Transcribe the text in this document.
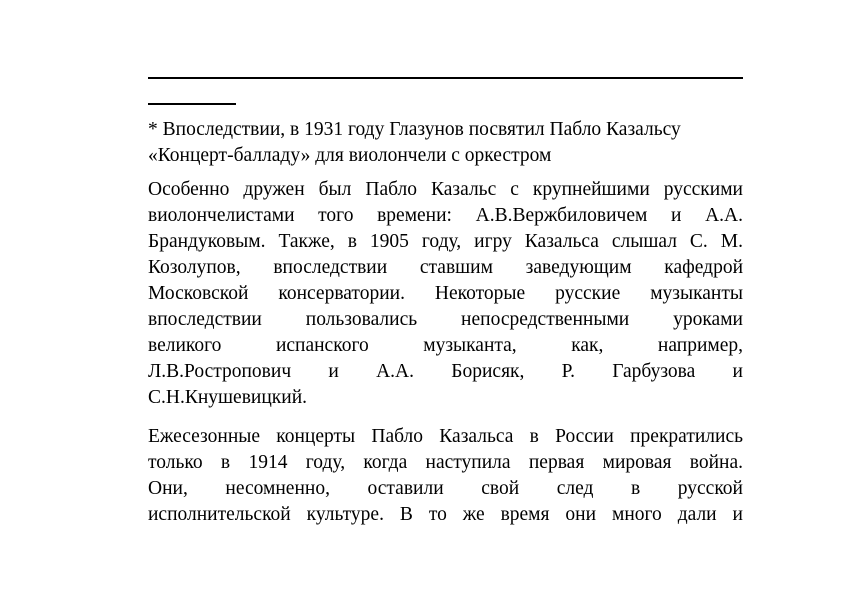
* Впоследствии, в 1931 году Глазунов посвятил Пабло Казальсу
«Концерт-балладу» для виолончели с оркестром
Особенно дружен был Пабло Казальс с крупнейшими русскими
виолончелистами того времени: А.В.Вержбиловичем и А.А.
Брандуковым. Также, в 1905 году, игру Казальса слышал С. М.
Козолупов, впоследствии ставшим заведующим кафедрой
Московской консерватории. Некоторые русские музыканты
впоследствии пользовались непосредственными уроками
великого испанского музыканта, как, например,
Л.В.Ростропович и А.А. Борисяк, Р. Гарбузова и
С.Н.Кнушевицкий.
Ежесезонные концерты Пабло Казальса в России прекратились
только в 1914 году, когда наступила первая мировая война.
Они, несомненно, оставили свой след в русской
исполнительской культуре. В то же время они много дали и
